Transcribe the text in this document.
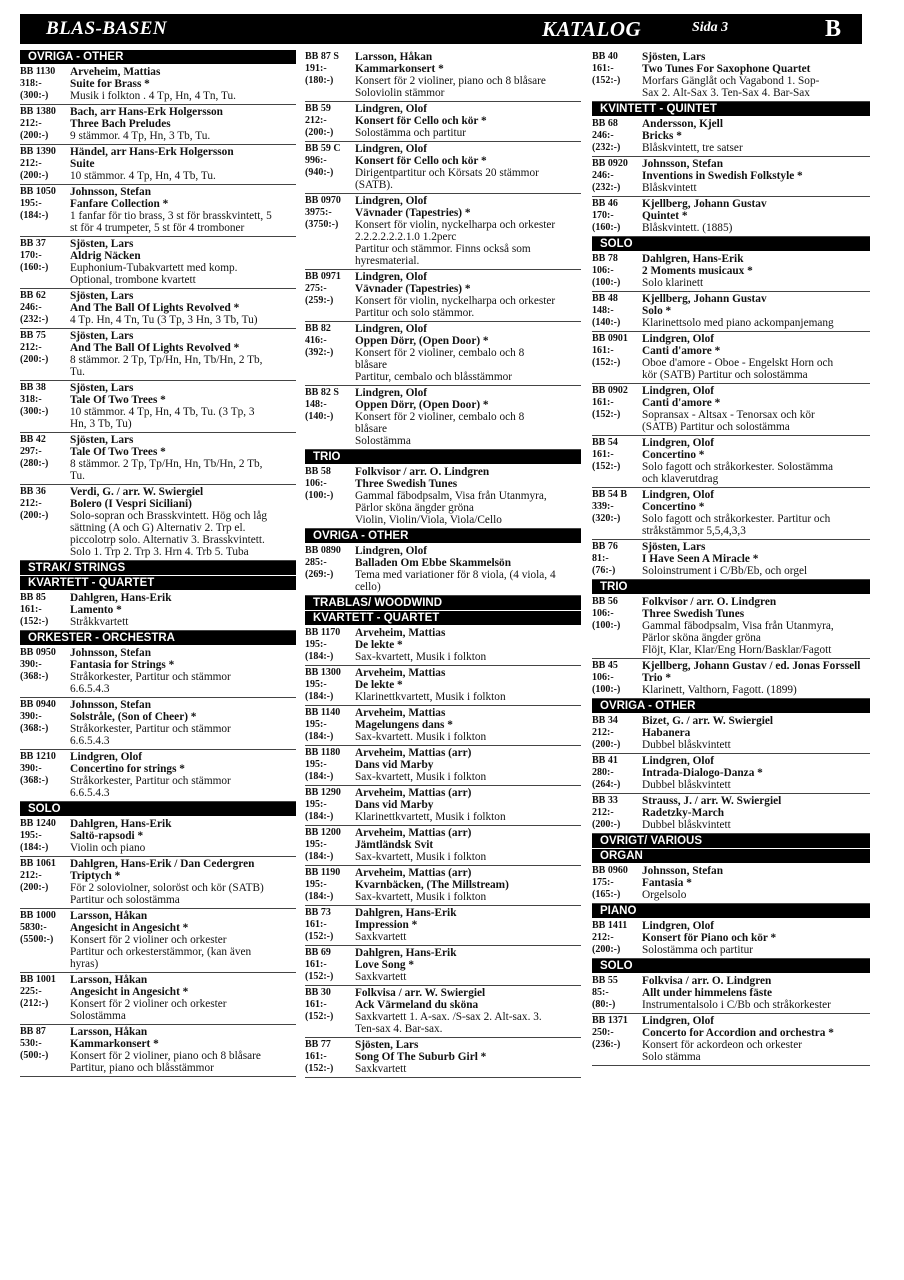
BLAS-BASEN	KATALOG	Sida 3	B
OVRIGA - OTHER
BB 1130	Arveheim, Mattias
318:-	Suite for Brass *
(300:-)	Musik i folkton . 4 Tp, Hn, 4 Tn, Tu.
BB 1380	Bach, arr Hans-Erk Holgersson
212:-	Three Bach Preludes
(200:-)	9 stämmor. 4 Tp, Hn, 3 Tb, Tu.
BB 1390	Händel, arr Hans-Erk Holgersson
212:-	Suite
(200:-)	10 stämmor. 4 Tp, Hn, 4 Tb, Tu.
BB 1050	Johnsson, Stefan
195:-	Fanfare Collection *
(184:-)	1 fanfar för tio brass, 3 st för brasskvintett, 5
st för 4 trumpeter, 5 st för 4 tromboner
BB 37	Sjösten, Lars
170:-	Aldrig Näcken
(160:-)	Euphonium-Tubakvartett med komp.
Optional, trombone kvartett
BB 62	Sjösten, Lars
246:-	And The Ball Of Lights Revolved *
(232:-)	4 Tp. Hn, 4 Tn, Tu (3 Tp, 3 Hn, 3 Tb, Tu)
BB 75	Sjösten, Lars
212:-	And The Ball Of Lights Revolved *
(200:-)	8 stämmor. 2 Tp, Tp/Hn, Hn, Tb/Hn, 2 Tb,
Tu.
BB 38	Sjösten, Lars
318:-	Tale Of Two Trees *
(300:-)	10 stämmor. 4 Tp, Hn, 4 Tb, Tu. (3 Tp, 3
Hn, 3 Tb, Tu)
BB 42	Sjösten, Lars
297:-	Tale Of Two Trees *
(280:-)	8 stämmor. 2 Tp, Tp/Hn, Hn, Tb/Hn, 2 Tb,
Tu.
BB 36	Verdi, G. / arr. W. Swiergiel
212:-	Bolero (I Vespri Siciliani)
(200:-)	Solo-sopran och Brasskvintett. Hög och låg
sättning (A och G) Alternativ 2. Trp el.
piccolotrp solo. Alternativ 3. Brasskvintett.
Solo 1. Trp 2. Trp 3. Hrn 4. Trb 5. Tuba
STRAK/ STRINGS
KVARTETT - QUARTET
BB 85	Dahlgren, Hans-Erik
161:-	Lamento *
(152:-)	Stråkkvartett
ORKESTER - ORCHESTRA
BB 0950	Johnsson, Stefan
390:-	Fantasia for Strings *
(368:-)	Stråkorkester, Partitur och stämmor
6.6.5.4.3
BB 0940	Johnsson, Stefan
390:-	Solstråle, (Son of Cheer) *
(368:-)	Stråkorkester, Partitur och stämmor
6.6.5.4.3
BB 1210	Lindgren, Olof
390:-	Concertino for strings *
(368:-)	Stråkorkester, Partitur och stämmor
6.6.5.4.3
SOLO
BB 1240	Dahlgren, Hans-Erik
195:-	Saltö-rapsodi *
(184:-)	Violin och piano
BB 1061	Dahlgren, Hans-Erik / Dan Cedergren
212:-	Triptych *
(200:-)	För 2 soloviolner, soloröst och kör (SATB)
Partitur och solostämma
BB 1000	Larsson, Håkan
5830:-	Angesicht in Angesicht *
(5500:-)	Konsert för 2 violiner och orkester
Partitur och orkesterstämmor, (kan även
hyras)
BB 1001	Larsson, Håkan
225:-	Angesicht in Angesicht *
(212:-)	Konsert för 2 violiner och orkester
Solostämma
BB 87	Larsson, Håkan
530:-	Kammarkonsert *
(500:-)	Konsert för 2 violiner, piano och 8 blåsare
Partitur, piano och blåsstämmor
BB 87 S	Larsson, Håkan
191:-	Kammarkonsert *
(180:-)	Konsert för 2 violiner, piano och 8 blåsare
Soloviolin stämmor
BB 59	Lindgren, Olof
212:-	Konsert för Cello och kör *
(200:-)	Solostämma och partitur
BB 59 C	Lindgren, Olof
996:-	Konsert för Cello och kör *
(940:-)	Dirigentpartitur och Körsats 20 stämmor
(SATB).
BB 0970	Lindgren, Olof
3975:-	Vävnader (Tapestries) *
(3750:-)	Konsert för violin, nyckelharpa och orkester
2.2.2.2.2.2.1.0 1.2perc
Partitur och stämmor. Finns också som
hyresmaterial.
BB 0971	Lindgren, Olof
275:-	Vävnader (Tapestries) *
(259:-)	Konsert för violin, nyckelharpa och orkester
Partitur och solo stämmor.
BB 82	Lindgren, Olof
416:-	Oppen Dörr, (Open Door) *
(392:-)	Konsert för 2 violiner, cembalo och 8
blåsare
Partitur, cembalo och blåsstämmor
BB 82 S	Lindgren, Olof
148:-	Oppen Dörr, (Open Door) *
(140:-)	Konsert för 2 violiner, cembalo och 8
blåsare
Solostämma
TRIO
BB 58	Folkvisor / arr. O. Lindgren
106:-	Three Swedish Tunes
(100:-)	Gammal fäbodpsalm, Visa från Utanmyra,
Pärlor sköna ängder gröna
Violin, Violin/Viola, Viola/Cello
OVRIGA - OTHER
BB 0890	Lindgren, Olof
285:-	Balladen Om Ebbe Skammelsön
(269:-)	Tema med variationer för 8 viola, (4 viola, 4
cello)
TRABLAS/ WOODWIND
KVARTETT - QUARTET
BB 1170	Arveheim, Mattias
195:-	De lekte *
(184:-)	Sax-kvartett, Musik i folkton
BB 1300	Arveheim, Mattias
195:-	De lekte *
(184:-)	Klarinettkvartett, Musik i folkton
BB 1140	Arveheim, Mattias
195:-	Magelungens dans *
(184:-)	Sax-kvartett. Musik i folkton
BB 1180	Arveheim, Mattias (arr)
195:-	Dans vid Marby
(184:-)	Sax-kvartett, Musik i folkton
BB 1290	Arveheim, Mattias (arr)
195:-	Dans vid Marby
(184:-)	Klarinettkvartett, Musik i folkton
BB 1200	Arveheim, Mattias (arr)
195:-	Jämtländsk Svit
(184:-)	Sax-kvartett, Musik i folkton
BB 1190	Arveheim, Mattias (arr)
195:-	Kvarnbäcken, (The Millstream)
(184:-)	Sax-kvartett, Musik i folkton
BB 73	Dahlgren, Hans-Erik
161:-	Impression *
(152:-)	Saxkvartett
BB 69	Dahlgren, Hans-Erik
161:-	Love Song *
(152:-)	Saxkvartett
BB 30	Folkvisa / arr. W. Swiergiel
161:-	Ack Värmeland du sköna
(152:-)	Saxkvartett 1. A-sax. /S-sax 2. Alt-sax. 3.
Ten-sax 4. Bar-sax.
BB 77	Sjösten, Lars
161:-	Song Of The Suburb Girl *
(152:-)	Saxkvartett
BB 40	Sjösten, Lars
161:-	Two Tunes For Saxophone Quartet
(152:-)	Morfars Gänglåt och Vagabond 1. Sop-
Sax 2. Alt-Sax 3. Ten-Sax 4. Bar-Sax
KVINTETT - QUINTET
BB 68	Andersson, Kjell
246:-	Bricks *
(232:-)	Blåskvintett, tre satser
BB 0920	Johnsson, Stefan
246:-	Inventions in Swedish Folkstyle *
(232:-)	Blåskvintett
BB 46	Kjellberg, Johann Gustav
170:-	Quintet *
(160:-)	Blåskvintett. (1885)
SOLO
BB 78	Dahlgren, Hans-Erik
106:-	2 Moments musicaux *
(100:-)	Solo klarinett
BB 48	Kjellberg, Johann Gustav
148:-	Solo *
(140:-)	Klarinettsolo med piano ackompanjemang
BB 0901	Lindgren, Olof
161:-	Canti d'amore *
(152:-)	Oboe d'amore - Oboe - Engelskt Horn och
kör (SATB) Partitur och solostämma
BB 0902	Lindgren, Olof
161:-	Canti d'amore *
(152:-)	Sopransax - Altsax - Tenorsax och kör
(SATB) Partitur och solostämma
BB 54	Lindgren, Olof
161:-	Concertino *
(152:-)	Solo fagott och stråkorkester. Solostämma
och klaverutdrag
BB 54 B	Lindgren, Olof
339:-	Concertino *
(320:-)	Solo fagott och stråkorkester. Partitur och
stråkstämmor 5,5,4,3,3
BB 76	Sjösten, Lars
81:-	I Have Seen A Miracle *
(76:-)	Soloinstrument i C/Bb/Eb, och orgel
TRIO
BB 56	Folkvisor / arr. O. Lindgren
106:-	Three Swedish Tunes
(100:-)	Gammal fäbodpsalm, Visa från Utanmyra,
Pärlor sköna ängder gröna
Flöjt, Klar, Klar/Eng Horn/Basklar/Fagott
BB 45	Kjellberg, Johann Gustav / ed. Jonas Forssell
106:-	Trio *
(100:-)	Klarinett, Valthorn, Fagott. (1899)
OVRIGA - OTHER
BB 34	Bizet, G. / arr. W. Swiergiel
212:-	Habanera
(200:-)	Dubbel blåskvintett
BB 41	Lindgren, Olof
280:-	Intrada-Dialogo-Danza *
(264:-)	Dubbel blåskvintett
BB 33	Strauss, J. / arr. W. Swiergiel
212:-	Radetzky-March
(200:-)	Dubbel blåskvintett
OVRIGT/ VARIOUS
ORGAN
BB 0960	Johnsson, Stefan
175:-	Fantasia *
(165:-)	Orgelsolo
PIANO
BB 1411	Lindgren, Olof
212:-	Konsert för Piano och kör *
(200:-)	Solostämma och partitur
SOLO
BB 55	Folkvisa / arr. O. Lindgren
85:-	Allt under himmelens fäste
(80:-)	Instrumentalsolo i C/Bb och stråkorkester
BB 1371	Lindgren, Olof
250:-	Concerto for Accordion and orchestra *
(236:-)	Konsert för ackordeon och orkester
Solo stämma
